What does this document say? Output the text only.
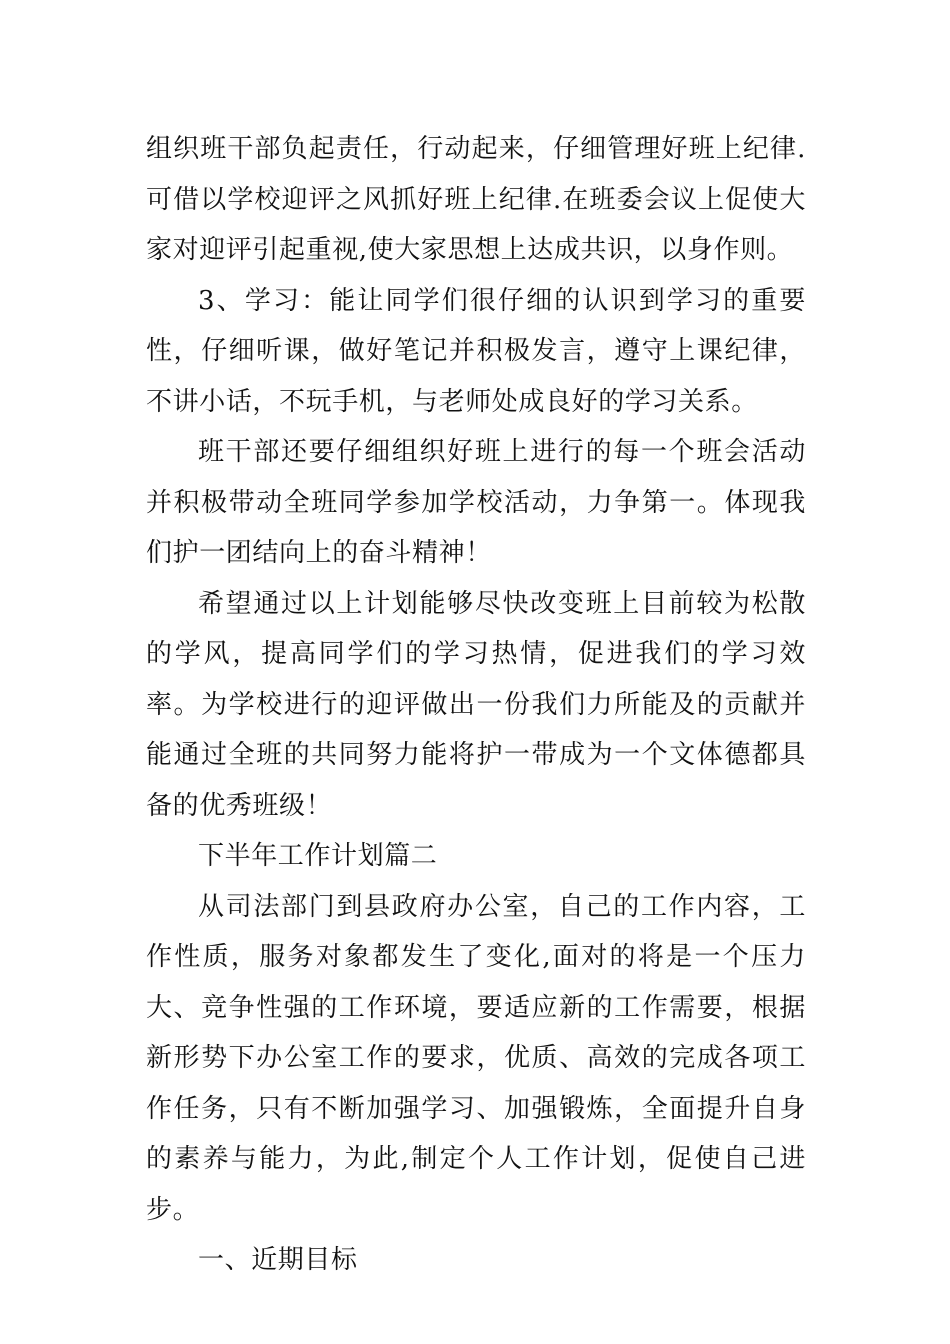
组织班干部负起责任，行动起来，仔细管理好班上纪律.可借以学校迎评之风抓好班上纪律.在班委会议上促使大家对迎评引起重视,使大家思想上达成共识，以身作则。

3、学习：能让同学们很仔细的认识到学习的重要性，仔细听课，做好笔记并积极发言，遵守上课纪律，不讲小话，不玩手机，与老师处成良好的学习关系。

班干部还要仔细组织好班上进行的每一个班会活动并积极带动全班同学参加学校活动，力争第一。体现我们护一团结向上的奋斗精神！

希望通过以上计划能够尽快改变班上目前较为松散的学风，提高同学们的学习热情，促进我们的学习效率。为学校进行的迎评做出一份我们力所能及的贡献并能通过全班的共同努力能将护一带成为一个文体德都具备的优秀班级！

下半年工作计划篇二

从司法部门到县政府办公室，自己的工作内容，工作性质，服务对象都发生了变化,面对的将是一个压力大、竞争性强的工作环境，要适应新的工作需要，根据新形势下办公室工作的要求，优质、高效的完成各项工作任务，只有不断加强学习、加强锻炼，全面提升自身的素养与能力，为此,制定个人工作计划，促使自己进步。

一、近期目标
